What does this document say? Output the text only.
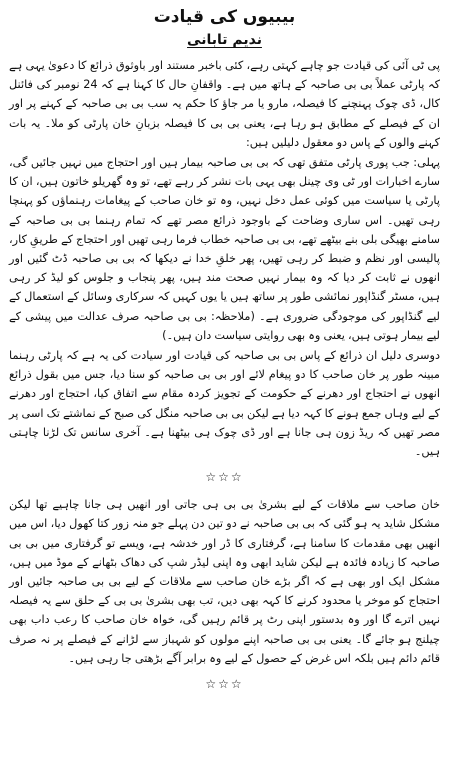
بیبیوں کی قیادت
ندیم تابانی

پی ٹی آئی کی قیادت جو چاہے کہتی رہے، کئی باخبر مستند اور باوثوق ذرائع کا دعویٰ یہی ہے کہ پارٹی عملاً بی بی صاحبہ کے ہاتھ میں ہے۔ واقفانِ حال کا کہنا ہے کہ 24 نومبر کی فائنل کال، ڈی چوک پہنچنے کا فیصلہ، مارو یا مر جاؤ کا حکم یہ سب بی بی صاحبہ کے کہنے پر اور ان کے فیصلے کے مطابق ہو رہا ہے، یعنی بی بی کا فیصلہ بزبانِ خان پارٹی کو ملا۔ یہ بات کہنے والوں کے پاس دو معقول دلیلیں ہیں:

پہلی: جب پوری پارٹی متفق تھی کہ بی بی صاحبہ بیمار ہیں اور احتجاج میں نہیں جائیں گی، سارے اخبارات اور ٹی وی چینل بھی یہی بات نشر کر رہے تھے، تو وہ گھریلو خاتون ہیں، ان کا پارٹی یا سیاست میں کوئی عمل دخل نہیں، وہ تو خان صاحب کے پیغامات رہنماؤں کو پہنچا رہی تھیں۔ اس ساری وضاحت کے باوجود ذرائع مصر تھے کہ تمام رہنما بی بی صاحبہ کے سامنے بھیگی بلی بنے بیٹھے تھے، بی بی صاحبہ خطاب فرما رہی تھیں اور احتجاج کے طریقِ کار، پالیسی اور نظم و ضبط کر رہی تھیں، پھر خلقِ خدا نے دیکھا کہ بی بی صاحبہ ڈٹ گئیں اور انھوں نے ثابت کر دیا کہ وہ بیمار نہیں صحت مند ہیں، پھر پنجاب و جلوس کو لیڈ کر رہی ہیں، مسٹر گنڈاپور نمائشی طور پر ساتھ ہیں یا یوں کہیں کہ سرکاری وسائل کے استعمال کے لیے گنڈاپور کی موجودگی ضروری ہے۔ (ملاحظہ: بی بی صاحبہ صرف عدالت میں پیشی کے لیے بیمار ہوتی ہیں، یعنی وہ بھی روایتی سیاست دان ہیں۔)

دوسری دلیل ان ذرائع کے پاس بی بی صاحبہ کی قیادت اور سیادت کی یہ ہے کہ پارٹی رہنما مبینہ طور پر خان صاحب کا دو پیغام لائے اور بی بی صاحبہ کو سنا دیا، جس میں بقول ذرائع انھوں نے احتجاج اور دھرنے کے حکومت کے تجویز کردہ مقام سے اتفاق کیا، احتجاج اور دھرنے کے لیے وہاں جمع ہونے کا کہہ دیا ہے لیکن بی بی صاحبہ منگل کی صبح کے نماشتے تک اسی پر مصر تھیں کہ ریڈ زون ہی جانا ہے اور ڈی چوک ہی بیٹھنا ہے۔ آخری سانس تک لڑنا چاہتی ہیں۔

☆☆☆

خان صاحب سے ملاقات کے لیے بشریٰ بی بی ہی جاتی اور انھیں ہی جانا چاہیے تھا لیکن مشکل شاید یہ ہو گئی کہ بی بی صاحبہ نے دو تین دن پہلے جو منہ زور کتا کھول دیا، اس میں انھیں بھی مقدمات کا سامنا ہے، گرفتاری کا ڈر اور خدشہ ہے، ویسے تو گرفتاری میں بی بی صاحبہ کا زیادہ فائدہ ہے لیکن شاید ابھی وہ اپنی لیڈر شپ کی دھاک بٹھانے کے موڈ میں ہیں، مشکل ایک اور بھی ہے کہ اگر بڑے خان صاحب سے ملاقات کے لیے بی بی صاحبہ جائیں اور احتجاج کو موخر یا محدود کرنے کا کہہ بھی دیں، تب بھی بشریٰ بی بی کے حلق سے یہ فیصلہ نہیں اترے گا اور وہ بدستور اپنی رٹ پر قائم رہیں گی، خواہ خان صاحب کا رعب داب بھی چیلنج ہو جائے گا۔ یعنی بی بی صاحبہ اپنے مولوں کو شہباز سے لڑانے کے فیصلے پر نہ صرف قائم دائم ہیں بلکہ اس غرض کے حصول کے لیے وہ برابر آگے بڑھتی جا رہی ہیں۔

☆☆☆
